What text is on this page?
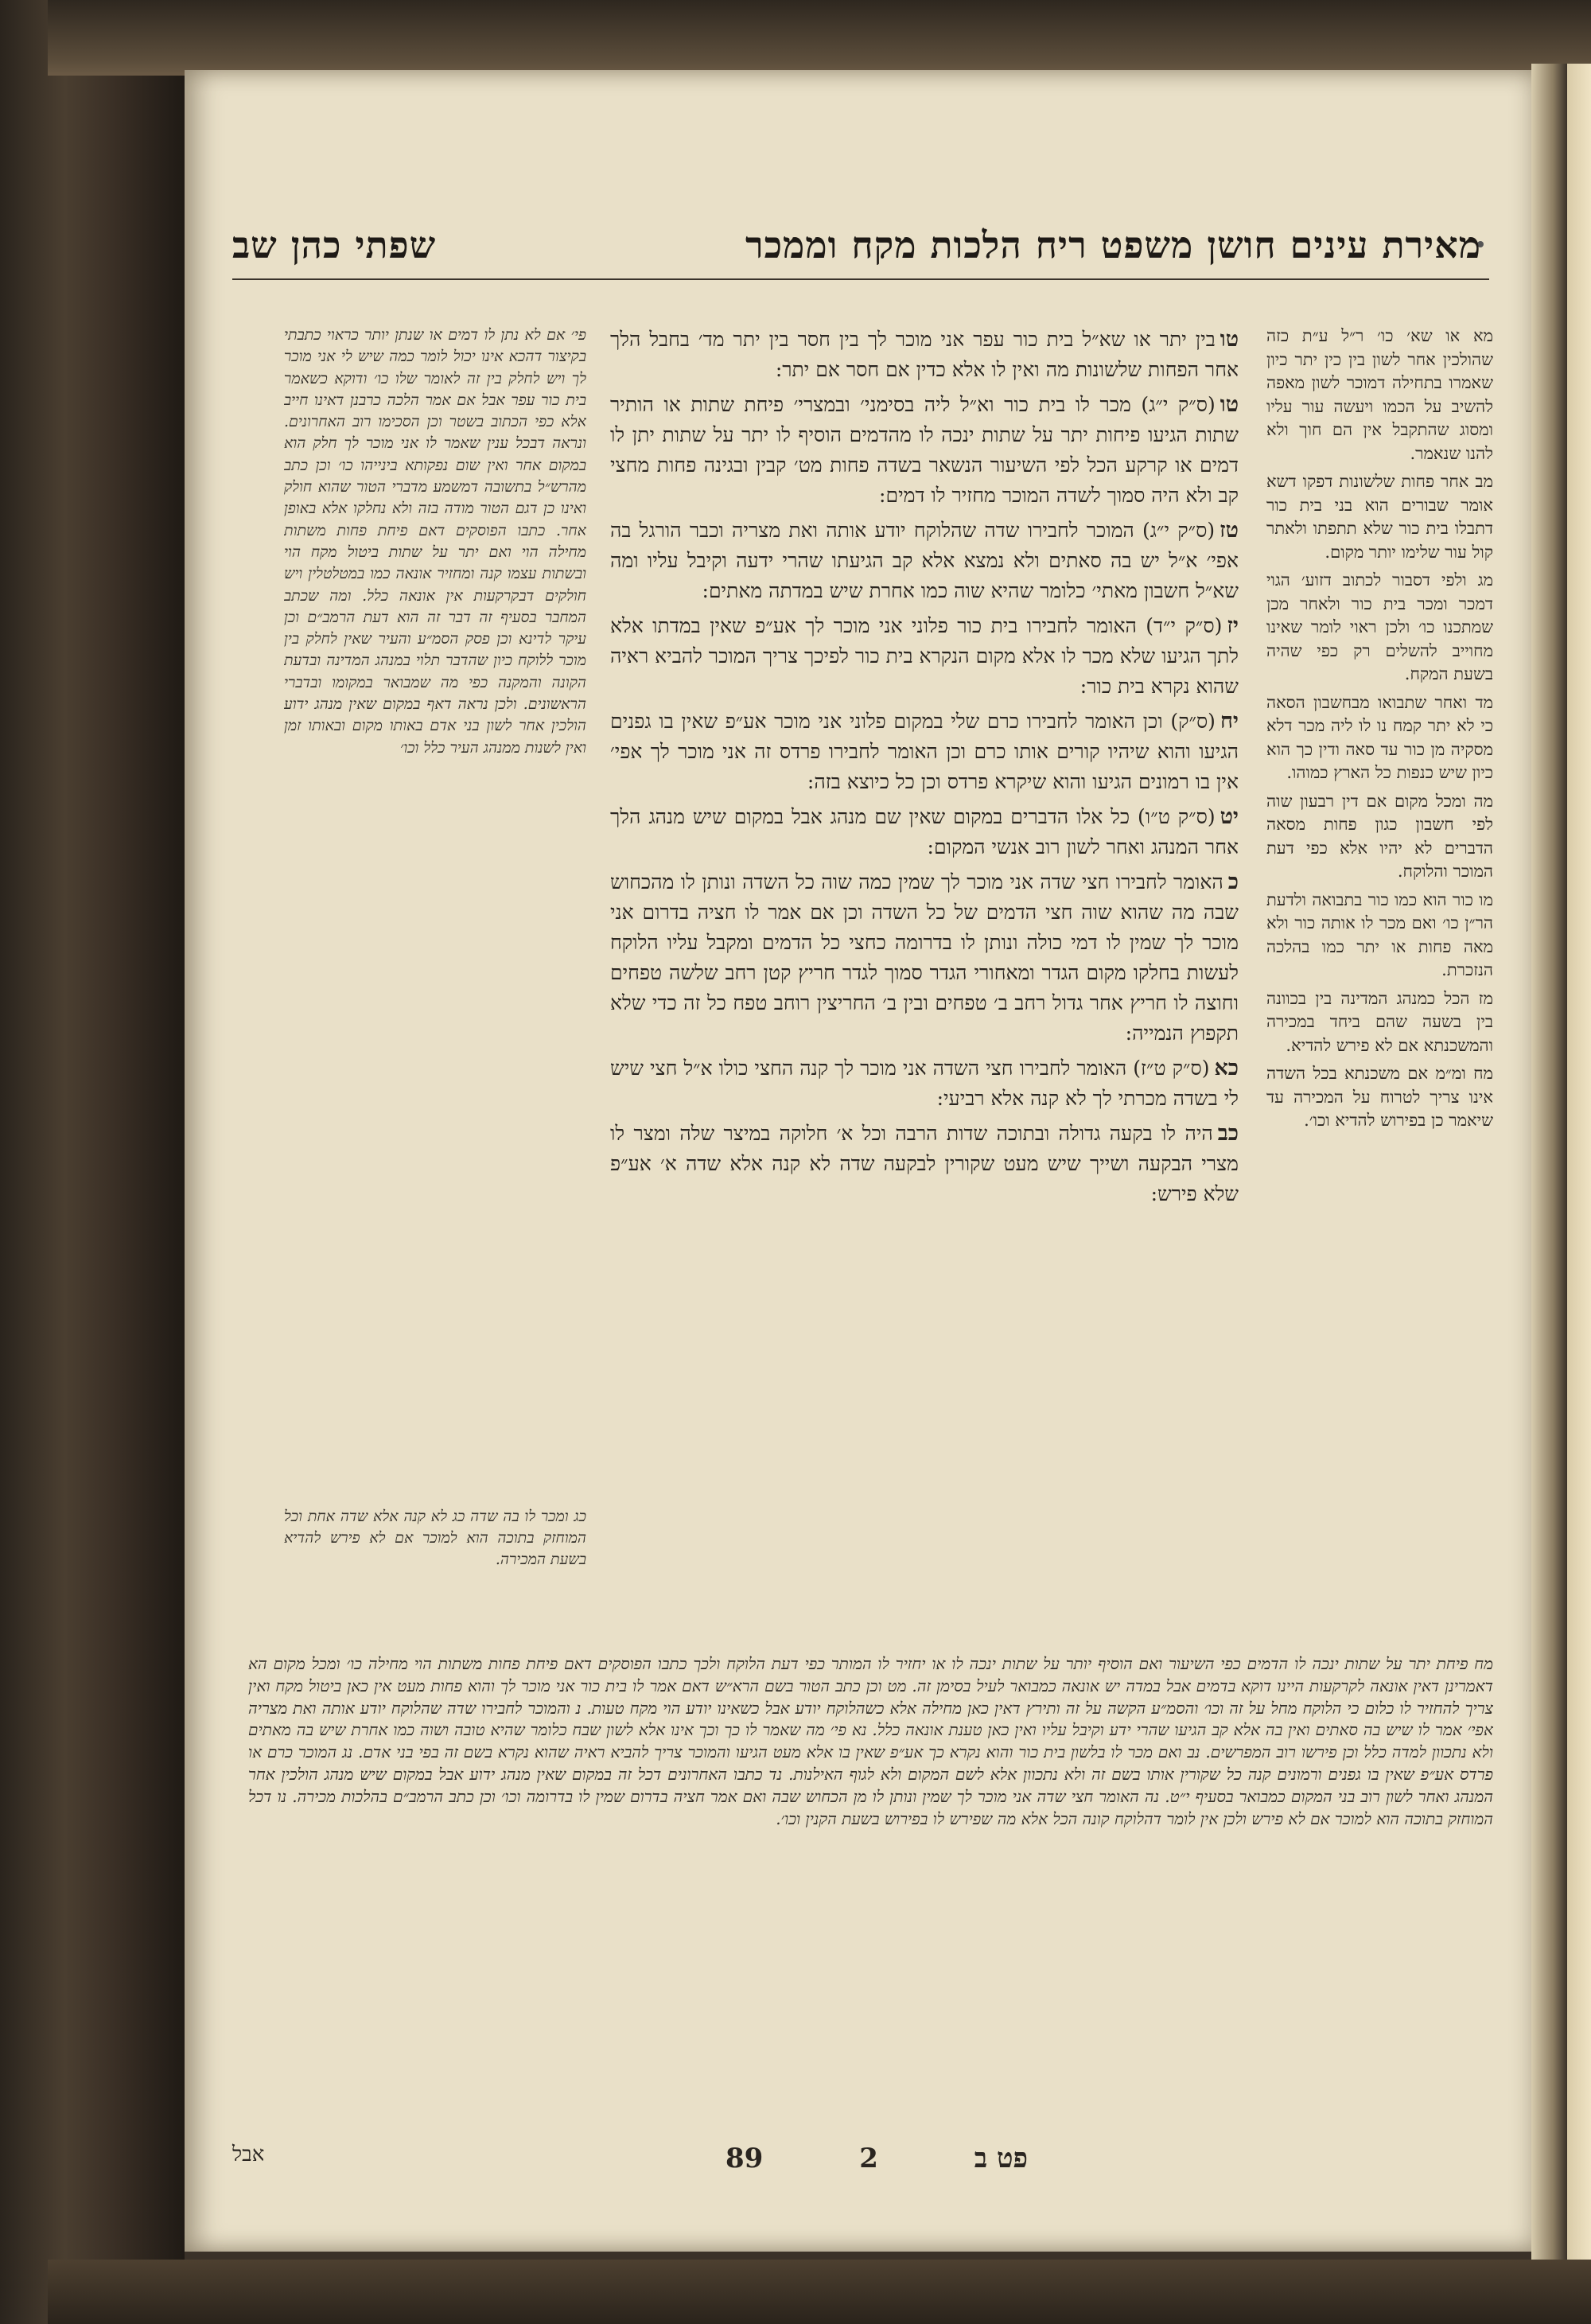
מאירת עינים חושן משפט ריח הלכות מקח וממכר
שפתי כהן שב

מא או שא׳ כו׳ ר״ל ע״ת כזה שהולכין אחר לשון בין כין יתר כיון שאמרו בתחילה דמוכר לשון מאפה להשיב על הכמו ויעשה עור עליו ומסוג שהתקבל אין הם חוך ולא להנו שנאמר.

מב אחר פחות שלשונות דפקו דשא אומר שבורים הוא בני בית כור דתבלו בית כור שלא תתפתו ולאתר קול עור שלימו יותר מקום.

מג ולפי דסבור לכתוב דזוע׳ הגוי דמכר ומכר בית כור ולאחר מכן שמתכנו כו׳ ולכן ראוי לומר שאינו מחוייב להשלים רק כפי שהיה בשעת המקח.

מד ואחר שתבואו מבחשבון הסאה כי לא יתר קמח נו לו ליה מכר דלא מסקיה מן כור עד סאה ודין כך הוא כיון שיש כנפות כל הארץ כמוהו.

מה ומכל מקום אם דין רבעון שוה לפי חשבון כגון פחות מסאה הדברים לא יהיו אלא כפי דעת המוכר והלוקח.

מו כור הוא כמו כור בתבואה ולדעת הר״ן כו׳ ואם מכר לו אותה כור ולא מאה פחות או יתר כמו בהלכה הנזכרת.

מז הכל כמנהג המדינה בין בכוונה בין בשעה שהם ביחד במכירה והמשכנתא אם לא פירש להדיא.

מח ומ״מ אם משכנתא בכל השדה אינו צריך לטרוח על המכירה עד שיאמר כן בפירוש להדיא וכו׳.

טובין יתר או שא״ל בית כור עפר אני מוכר לך בין חסר בין יתר מד׳ בחבל הלך אחר הפחות שלשונות מה ואין לו אלא כדין אם חסר אם יתר:

טו(ס״ק י״ג) מכר לו בית כור וא״ל ליה בסימני׳ ובמצרי׳ פיחת שתות או הותיר שתות הגיעו פיחות יתר על שתות ינכה לו מהדמים הוסיף לו יתר על שתות יתן לו דמים או קרקע הכל לפי השיעור הנשאר בשדה פחות מט׳ קבין ובגינה פחות מחצי קב ולא היה סמוך לשדה המוכר מחזיר לו דמים:

טז(ס״ק י״ג) המוכר לחבירו שדה שהלוקח יודע אותה ואת מצריה וכבר הורגל בה אפי׳ א״ל יש בה סאתים ולא נמצא אלא קב הגיעתו שהרי ידעה וקיבל עליו ומה שא״ל חשבון מאתי׳ כלומר שהיא שוה כמו אחרת שיש במדתה מאתים:

יז(ס״ק י״ד) האומר לחבירו בית כור פלוני אני מוכר לך אע״פ שאין במדתו אלא לתך הגיעו שלא מכר לו אלא מקום הנקרא בית כור לפיכך צריך המוכר להביא ראיה שהוא נקרא בית כור:

יח(ס״ק) וכן האומר לחבירו כרם שלי במקום פלוני אני מוכר אע״פ שאין בו גפנים הגיעו והוא שיהיו קורים אותו כרם וכן האומר לחבירו פרדס זה אני מוכר לך אפי׳ אין בו רמונים הגיעו והוא שיקרא פרדס וכן כל כיוצא בזה:

יט(ס״ק ט״ו) כל אלו הדברים במקום שאין שם מנהג אבל במקום שיש מנהג הלך אחר המנהג ואחר לשון רוב אנשי המקום:

כהאומר לחבירו חצי שדה אני מוכר לך שמין כמה שוה כל השדה ונותן לו מהכחוש שבה מה שהוא שוה חצי הדמים של כל השדה וכן אם אמר לו חציה בדרום אני מוכר לך שמין לו דמי כולה ונותן לו בדרומה כחצי כל הדמים ומקבל עליו הלוקח לעשות בחלקו מקום הגדר ומאחורי הגדר סמוך לגדר חריץ קטן רחב שלשה טפחים וחוצה לו חריץ אחר גדול רחב ב׳ טפחים ובין ב׳ החריצין רוחב טפח כל זה כדי שלא תקפוץ הנמייה:

כא(ס״ק ט״ז) האומר לחבירו חצי השדה אני מוכר לך קנה החצי כולו א״ל חצי שיש לי בשדה מכרתי לך לא קנה אלא רביעי:

כבהיה לו בקעה גדולה ובתוכה שדות הרבה וכל א׳ חלוקה במיצר שלה ומצר לו מצרי הבקעה ושייך שיש מעט שקורין לבקעה שדה לא קנה אלא שדה א׳ אע״פ שלא פירש:

פי׳ אם לא נתן לו דמים או שנתן יותר כראוי כתבתי בקיצור דהכא אינו יכול לומר כמה שיש לי אני מוכר לך ויש לחלק בין זה לאומר שלו כו׳ ודוקא כשאמר בית כור עפר אבל אם אמר הלכה כרבנן דאינו חייב אלא כפי הכתוב בשטר וכן הסכימו רוב האחרונים. ונראה דבכל ענין שאמר לו אני מוכר לך חלק הוא במקום אחר ואין שום נפקותא בינייהו כו׳ וכן כתב מהרש״ל בתשובה דמשמע מדברי הטור שהוא חולק ואינו כן דגם הטור מודה בזה ולא נחלקו אלא באופן אחר. כתבו הפוסקים דאם פיחת פחות משתות מחילה הוי ואם יתר על שתות ביטול מקח הוי ובשתות עצמו קנה ומחזיר אונאה כמו במטלטלין ויש חולקים דבקרקעות אין אונאה כלל. ומה שכתב המחבר בסעיף זה דבר זה הוא דעת הרמב״ם וכן עיקר לדינא וכן פסק הסמ״ע והעיר שאין לחלק בין מוכר ללוקח כיון שהדבר תלוי במנהג המדינה ובדעת הקונה והמקנה כפי מה שמבואר במקומו ובדברי הראשונים. ולכן נראה דאף במקום שאין מנהג ידוע הולכין אחר לשון בני אדם באותו מקום ובאותו זמן ואין לשנות ממנהג העיר כלל וכו׳

כג ומכר לו בה שדה כג לא קנה אלא שדה אחת וכל המוחזק בתוכה הוא למוכר אם לא פירש להדיא בשעת המכירה.

מח פיחת יתר על שתות ינכה לו הדמים כפי השיעור ואם הוסיף יותר על שתות ינכה לו או יחזיר לו המותר כפי דעת הלוקח ולכך כתבו הפוסקים דאם פיחת פחות משתות הוי מחילה כו׳ ומכל מקום הא דאמרינן דאין אונאה לקרקעות היינו דוקא בדמים אבל במדה יש אונאה כמבואר לעיל בסימן זה. מט וכן כתב הטור בשם הרא״ש דאם אמר לו בית כור אני מוכר לך והוא פחות מעט אין כאן ביטול מקח ואין צריך להחזיר לו כלום כי הלוקח מחל על זה וכו׳ והסמ״ע הקשה על זה ותירץ דאין כאן מחילה אלא כשהלוקח יודע אבל כשאינו יודע הוי מקח טעות. נ והמוכר לחבירו שדה שהלוקח יודע אותה ואת מצריה אפי׳ אמר לו שיש בה סאתים ואין בה אלא קב הגיעו שהרי ידע וקיבל עליו ואין כאן טענת אונאה כלל. נא פי׳ מה שאמר לו כך וכך אינו אלא לשון שבח כלומר שהיא טובה ושוה כמו אחרת שיש בה מאתים ולא נתכוון למדה כלל וכן פירשו רוב המפרשים. נב ואם מכר לו בלשון בית כור והוא נקרא כך אע״פ שאין בו אלא מעט הגיעו והמוכר צריך להביא ראיה שהוא נקרא בשם זה בפי בני אדם. נג המוכר כרם או פרדס אע״פ שאין בו גפנים ורמונים קנה כל שקורין אותו בשם זה ולא נתכוון אלא לשם המקום ולא לגוף האילנות. נד כתבו האחרונים דכל זה במקום שאין מנהג ידוע אבל במקום שיש מנהג הולכין אחר המנהג ואחר לשון רוב בני המקום כמבואר בסעיף י״ט. נה האומר חצי שדה אני מוכר לך שמין ונותן לו מן הכחוש שבה ואם אמר חציה בדרום שמין לו בדרומה וכו׳ וכן כתב הרמב״ם בהלכות מכירה. נו דכל המוחזק בתוכה הוא למוכר אם לא פירש ולכן אין לומר דהלוקח קונה הכל אלא מה שפירש לו בפירוש בשעת הקנין וכו׳.
89	2	פט ב
אבל
